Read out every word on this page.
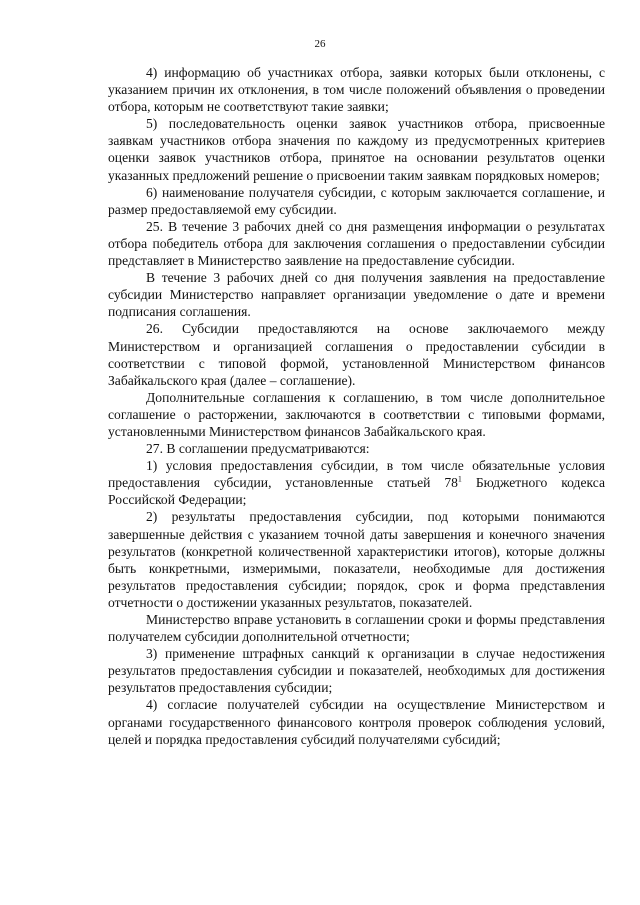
26

4) информацию об участниках отбора, заявки которых были отклонены, с указанием причин их отклонения, в том числе положений объявления о проведении отбора, которым не соответствуют такие заявки;

5) последовательность оценки заявок участников отбора, присвоенные заявкам участников отбора значения по каждому из предусмотренных критериев оценки заявок участников отбора, принятое на основании результатов оценки указанных предложений решение о присвоении таким заявкам порядковых номеров;

6) наименование получателя субсидии, с которым заключается соглашение, и размер предоставляемой ему субсидии.

25. В течение 3 рабочих дней со дня размещения информации о результатах отбора победитель отбора для заключения соглашения о предоставлении субсидии представляет в Министерство заявление на предоставление субсидии.

В течение 3 рабочих дней со дня получения заявления на предоставление субсидии Министерство направляет организации уведомление о дате и времени подписания соглашения.

26. Субсидии предоставляются на основе заключаемого между Министерством и организацией соглашения о предоставлении субсидии в соответствии с типовой формой, установленной Министерством финансов Забайкальского края (далее – соглашение).

Дополнительные соглашения к соглашению, в том числе дополнительное соглашение о расторжении, заключаются в соответствии с типовыми формами, установленными Министерством финансов Забайкальского края.

27. В соглашении предусматриваются:

1) условия предоставления субсидии, в том числе обязательные условия предоставления субсидии, установленные статьей $78^1$ Бюджетного кодекса Российской Федерации;

2) результаты предоставления субсидии, под которыми понимаются завершенные действия с указанием точной даты завершения и конечного значения результатов (конкретной количественной характеристики итогов), которые должны быть конкретными, измеримыми, показатели, необходимые для достижения результатов предоставления субсидии; порядок, срок и форма представления отчетности о достижении указанных результатов, показателей.

Министерство вправе установить в соглашении сроки и формы представления получателем субсидии дополнительной отчетности;

3) применение штрафных санкций к организации в случае недостижения результатов предоставления субсидии и показателей, необходимых для достижения результатов предоставления субсидии;

4) согласие получателей субсидии на осуществление Министерством и органами государственного финансового контроля проверок соблюдения условий, целей и порядка предоставления субсидий получателями субсидий;
